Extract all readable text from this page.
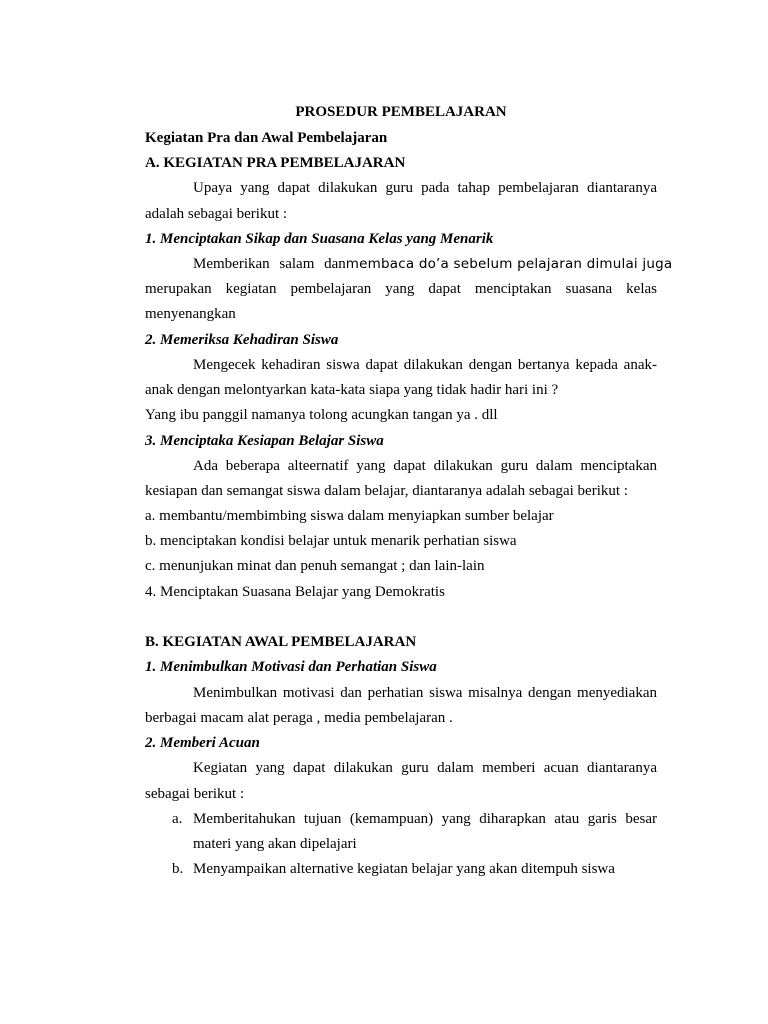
PROSEDUR PEMBELAJARAN
Kegiatan Pra dan Awal Pembelajaran
A. KEGIATAN PRA PEMBELAJARAN
Upaya yang dapat dilakukan guru pada tahap pembelajaran diantaranya
adalah sebagai berikut :
1. Menciptakan Sikap dan Suasana Kelas yang Menarik
Memberikan salam dan membaca do’a sebelum pelajaran dimulai juga
merupakan kegiatan pembelajaran yang dapat menciptakan suasana kelas
menyenangkan
2. Memeriksa Kehadiran Siswa
Mengecek kehadiran siswa dapat dilakukan dengan bertanya kepada anak-
anak dengan melontyarkan kata-kata siapa yang tidak hadir hari ini ?
Yang ibu panggil namanya tolong acungkan tangan ya . dll
3. Menciptaka Kesiapan Belajar Siswa
Ada beberapa alteernatif yang dapat dilakukan guru dalam menciptakan
kesiapan dan semangat siswa dalam belajar, diantaranya adalah sebagai berikut :
a. membantu/membimbing siswa dalam menyiapkan sumber belajar
b. menciptakan kondisi belajar untuk menarik perhatian siswa
c. menunjukan minat dan penuh semangat ; dan lain-lain
4. Menciptakan Suasana Belajar yang Demokratis
B. KEGIATAN AWAL PEMBELAJARAN
1. Menimbulkan Motivasi dan Perhatian Siswa
Menimbulkan motivasi dan perhatian siswa misalnya dengan menyediakan
berbagai macam alat peraga , media pembelajaran .
2. Memberi Acuan
Kegiatan yang dapat dilakukan guru dalam memberi acuan diantaranya
sebagai berikut :
a. Memberitahukan tujuan (kemampuan) yang diharapkan atau garis besar
materi yang akan dipelajari
b. Menyampaikan alternative kegiatan belajar yang akan ditempuh siswa
